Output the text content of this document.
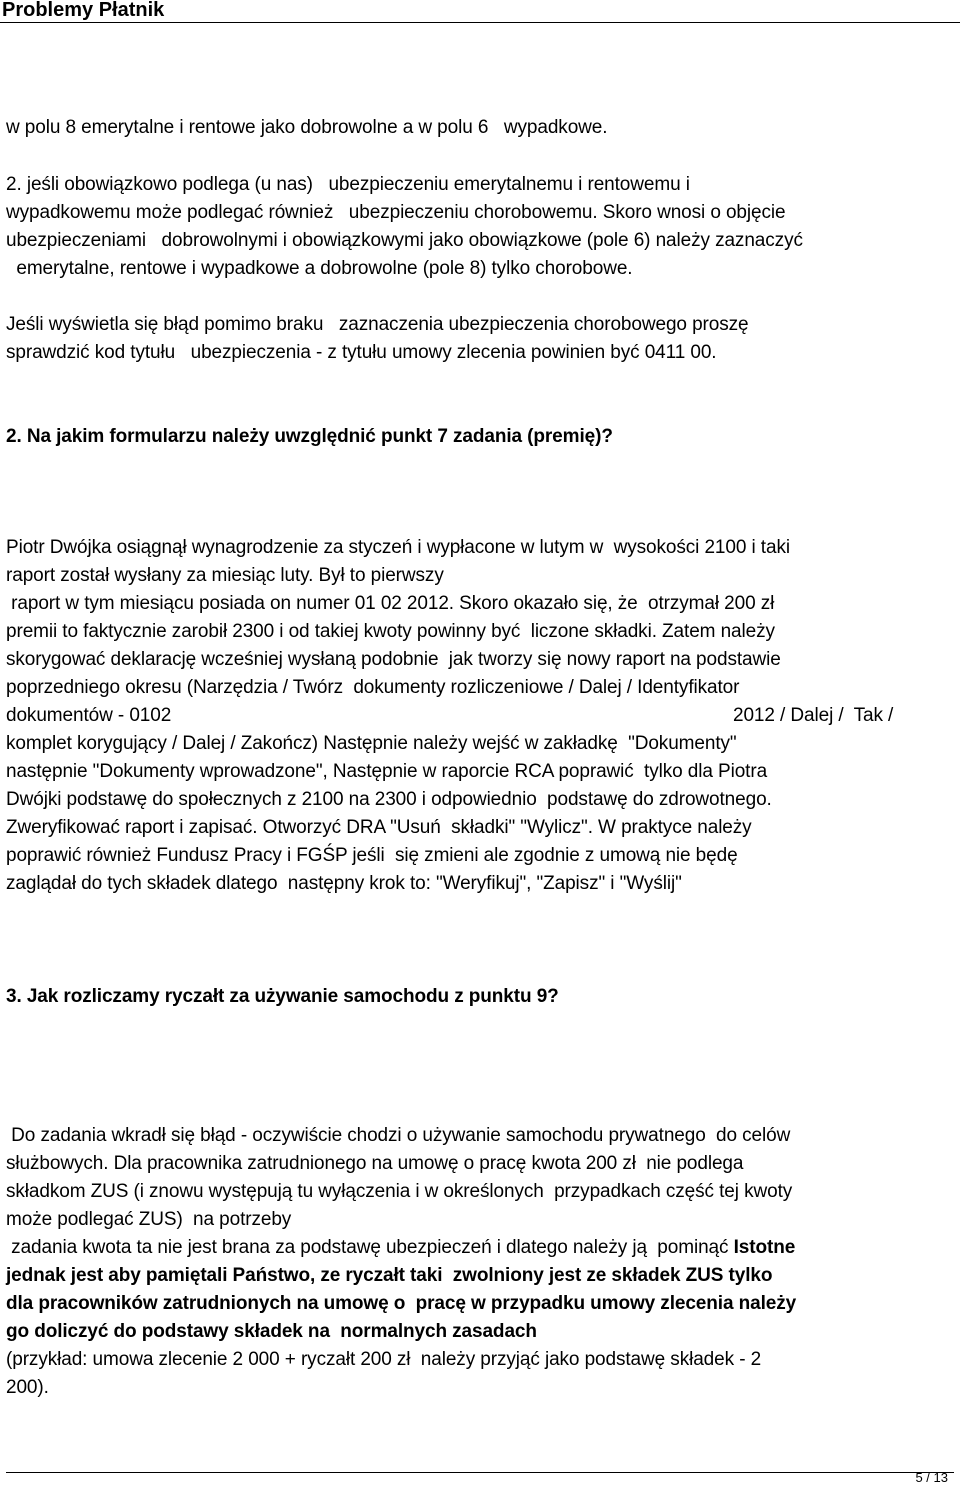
Problemy Płatnik
w polu 8 emerytalne i rentowe jako dobrowolne a w polu 6   wypadkowe.
2. jeśli obowiązkowo podlega (u nas)   ubezpieczeniu emerytalnemu i rentowemu i
wypadkowemu może podlegać również   ubezpieczeniu chorobowemu. Skoro wnosi o objęcie
ubezpieczeniami   dobrowolnymi i obowiązkowymi jako obowiązkowe (pole 6) należy zaznaczyć
emerytalne, rentowe i wypadkowe a dobrowolne (pole 8) tylko chorobowe.
Jeśli wyświetla się błąd pomimo braku   zaznaczenia ubezpieczenia chorobowego proszę
sprawdzić kod tytułu   ubezpieczenia - z tytułu umowy zlecenia powinien być 0411 00.
2. Na jakim formularzu należy uwzględnić punkt 7 zadania (premię)?
Piotr Dwójka osiągnął wynagrodzenie za styczeń i wypłacone w lutym w  wysokości 2100 i taki
raport został wysłany za miesiąc luty. Był to pierwszy
raport w tym miesiącu posiada on numer 01 02 2012. Skoro okazało się, że  otrzymał 200 zł
premii to faktycznie zarobił 2300 i od takiej kwoty powinny być  liczone składki. Zatem należy
skorygować deklarację wcześniej wysłaną podobnie  jak tworzy się nowy raport na podstawie
poprzedniego okresu (Narzędzia / Twórz  dokumenty rozliczeniowe / Dalej / Identyfikator
dokumentów - 0102	2012 / Dalej /  Tak /
komplet korygujący / Dalej / Zakończ) Następnie należy wejść w zakładkę  "Dokumenty"
następnie "Dokumenty wprowadzone", Następnie w raporcie RCA poprawić  tylko dla Piotra
Dwójki podstawę do społecznych z 2100 na 2300 i odpowiednio  podstawę do zdrowotnego.
Zweryfikować raport i zapisać. Otworzyć DRA "Usuń  składki" "Wylicz". W praktyce należy
poprawić również Fundusz Pracy i FGŚP jeśli  się zmieni ale zgodnie z umową nie będę
zaglądał do tych składek dlatego  następny krok to: "Weryfikuj", "Zapisz" i "Wyślij"
3. Jak rozliczamy ryczałt za używanie samochodu z punktu 9?
Do zadania wkradł się błąd - oczywiście chodzi o używanie samochodu prywatnego  do celów
służbowych. Dla pracownika zatrudnionego na umowę o pracę kwota 200 zł  nie podlega
składkom ZUS (i znowu występują tu wyłączenia i w określonych  przypadkach część tej kwoty
może podlegać ZUS)  na potrzeby
zadania kwota ta nie jest brana za podstawę ubezpieczeń i dlatego należy ją  pominąć Istotne
jednak jest aby pamiętali Państwo, ze ryczałt taki  zwolniony jest ze składek ZUS tylko
dla pracowników zatrudnionych na umowę o  pracę w przypadku umowy zlecenia należy
go doliczyć do podstawy składek na  normalnych zasadach
(przykład: umowa zlecenie 2 000 + ryczałt 200 zł  należy przyjąć jako podstawę składek - 2
200).
5 / 13
